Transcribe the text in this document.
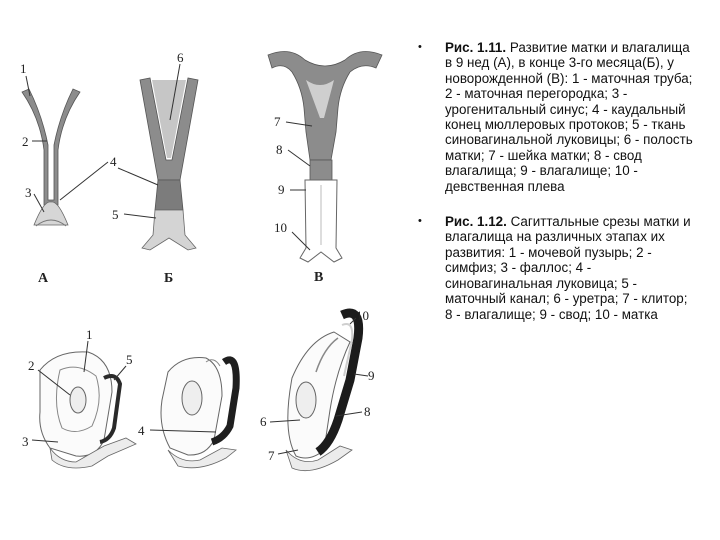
1
2
3
4
А
6
5
Б
7
8
9
10
В
1
2	5
3
4
10
9
8
6
7
• Рис. 1.11. Развитие матки и влагалища в 9 нед (А), в конце 3-го месяца(Б), у новорожденной (В): 1 - маточная труба; 2 - маточная перегородка; 3 - урогенитальный синус; 4 - каудальный конец мюллеровых протоков; 5 - ткань синовагинальной луковицы; 6 - полость матки; 7 - шейка матки; 8 - свод влагалища; 9 - влагалище; 10 - девственная плева
• Рис. 1.12. Сагиттальные срезы матки и влагалища на различных этапах их развития: 1 - мочевой пузырь; 2 - симфиз; 3 - фаллос; 4 - синовагинальная луковица; 5 - маточный канал; 6 - уретра; 7 - клитор; 8 - влагалище; 9 - свод; 10 - матка
